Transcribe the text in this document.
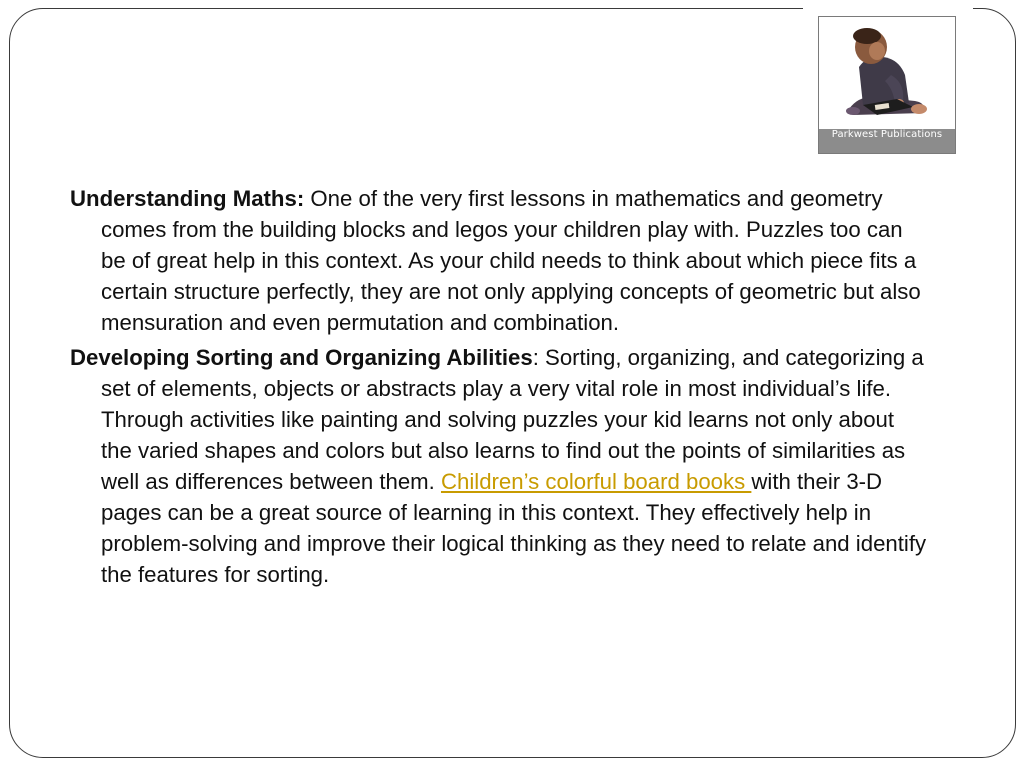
Parkwest Publications

Understanding Maths: One of the very first lessons in mathematics and geometry comes from the building blocks and legos your children play with. Puzzles too can be of great help in this context. As your child needs to think about which piece fits a certain structure perfectly, they are not only applying concepts of geometric but also mensuration and even permutation and combination.

Developing Sorting and Organizing Abilities: Sorting, organizing, and categorizing a set of elements, objects or abstracts play a very vital role in most individual’s life. Through activities like painting and solving puzzles your kid learns not only about the varied shapes and colors but also learns to find out the points of similarities as well as differences between them. Children’s colorful board books with their 3-D pages can be a great source of learning in this context. They effectively help in problem-solving and improve their logical thinking as they need to relate and identify the features for sorting.
